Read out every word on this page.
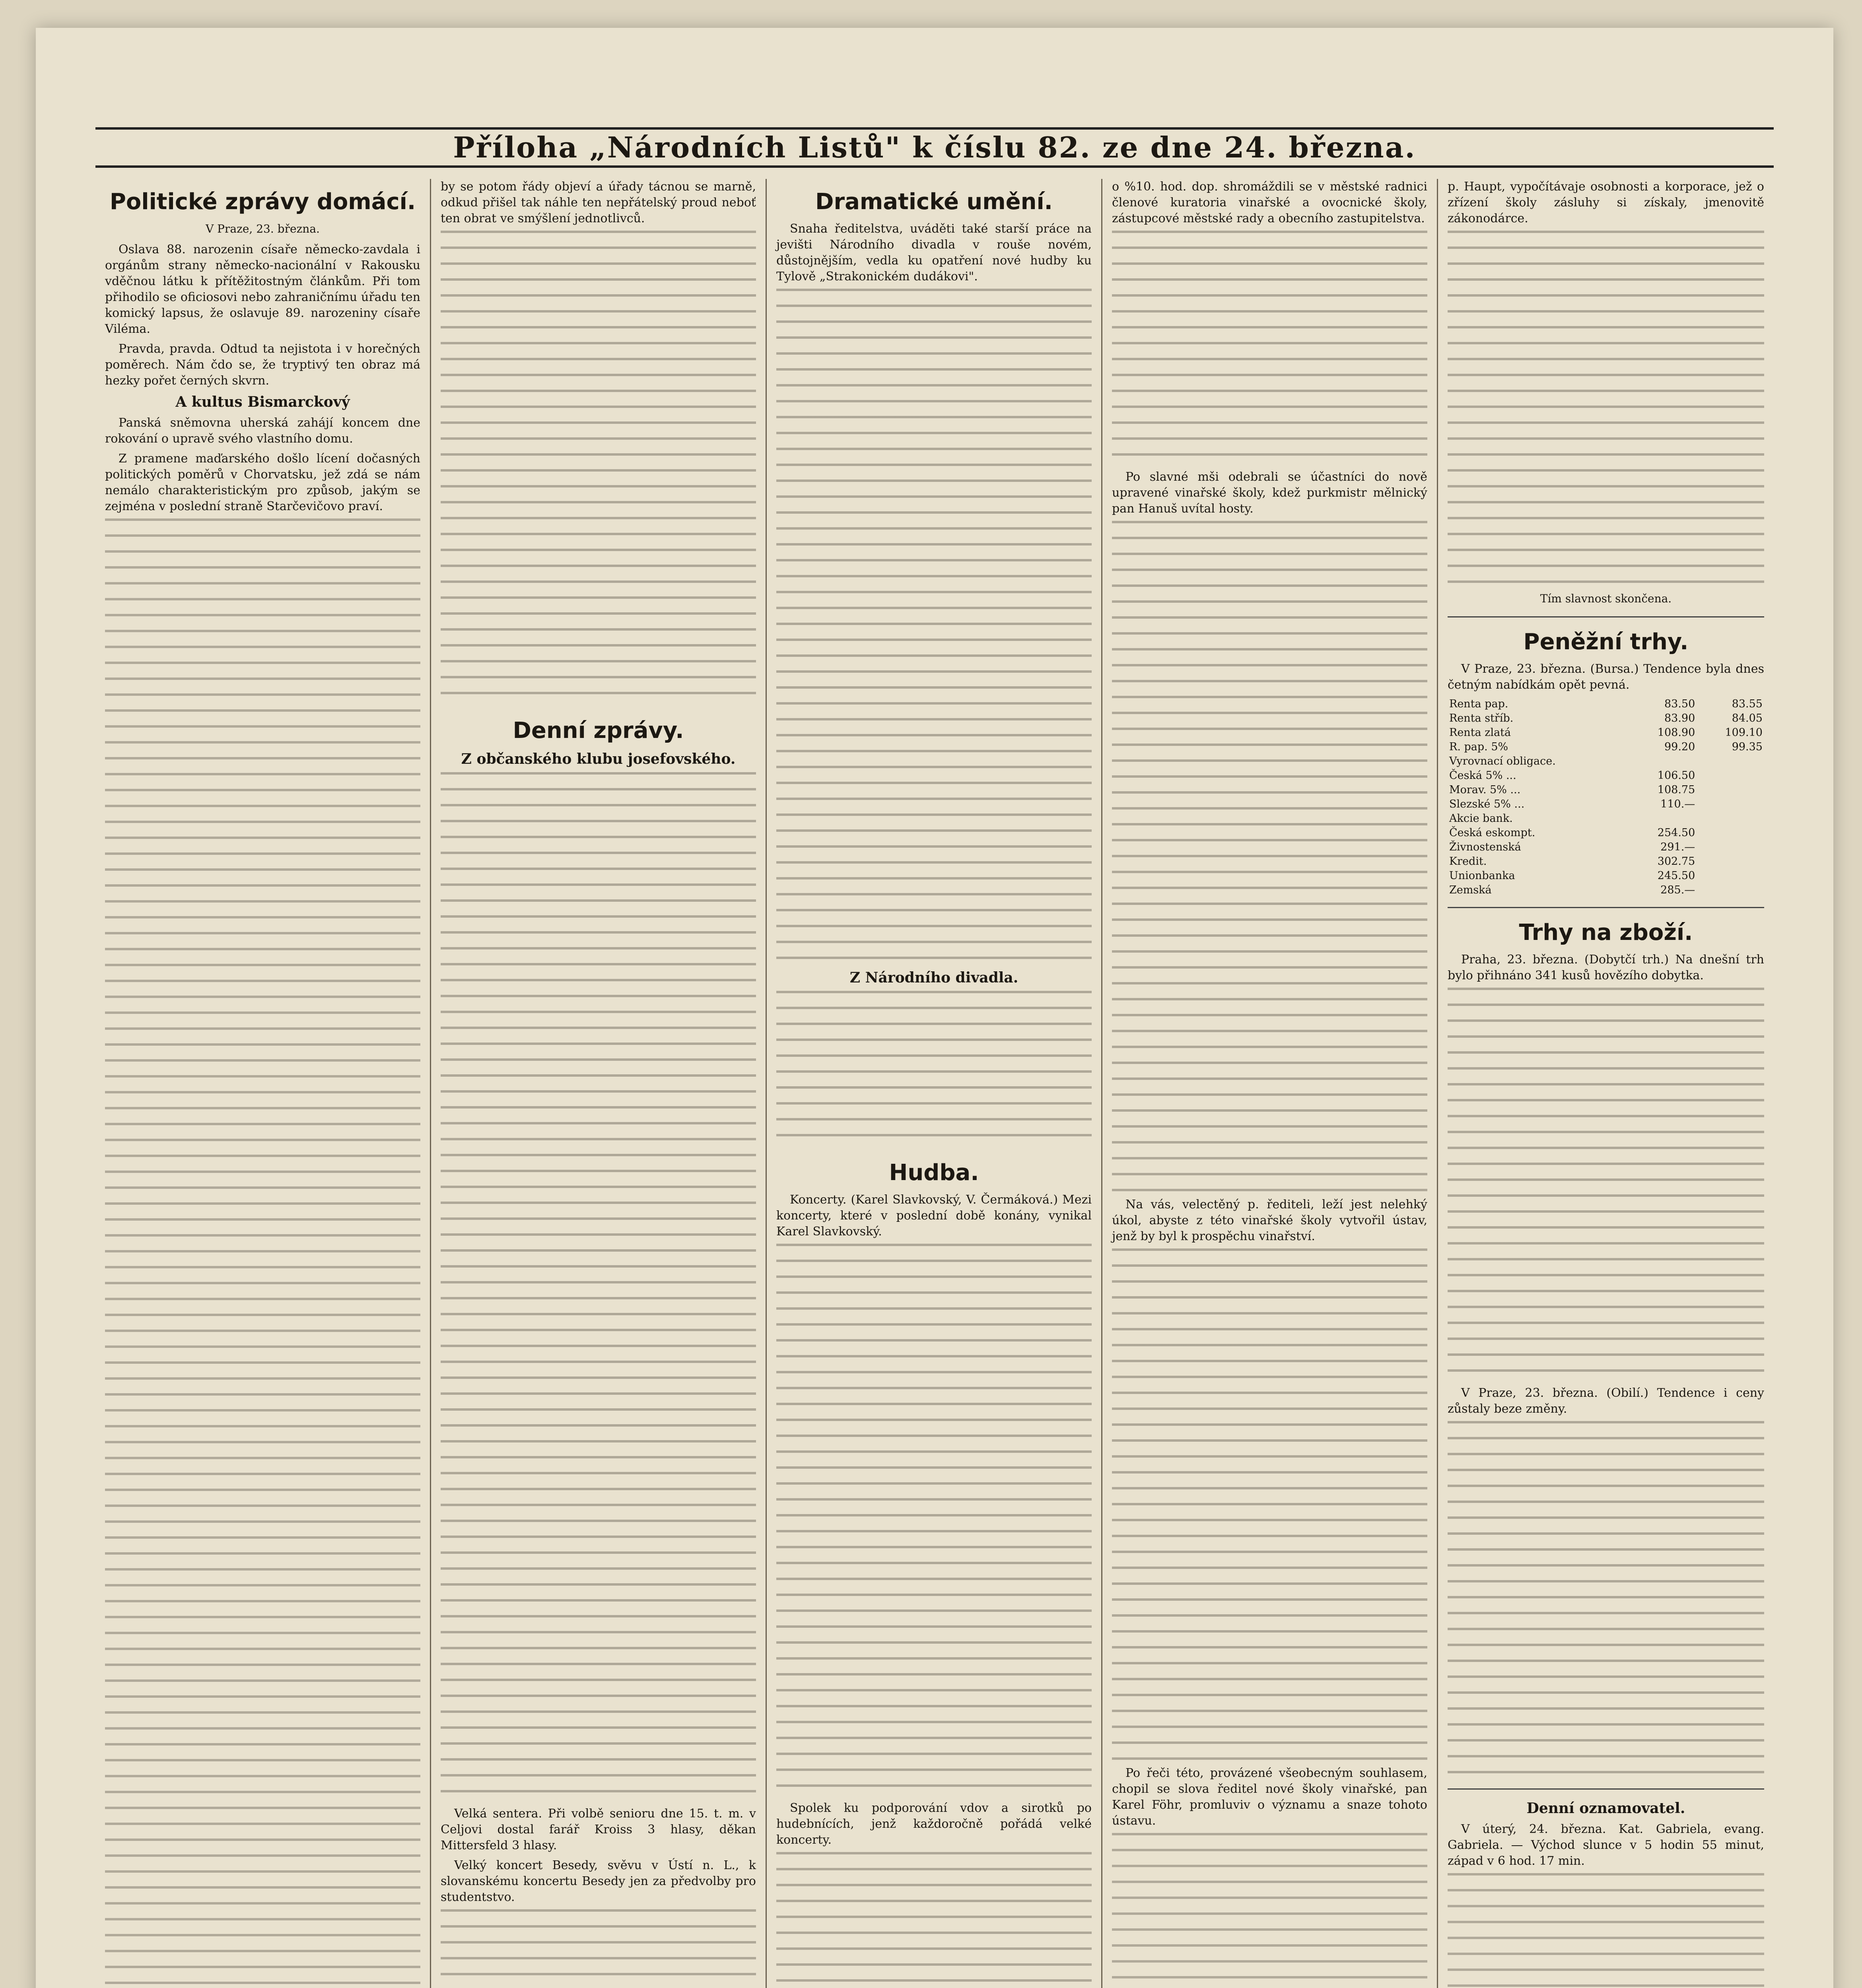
Příloha „Národních Listů" k číslu 82. ze dne 24. března.
Politické zprávy domácí.
V Praze, 23. března.

Oslava 88. narozenin císaře německo-zavdala i orgánům strany německo-nacionální v Rakousku vděčnou látku k přítěžitostným článkům. Při tom přihodilo se oficiosovi nebo zahraničnímu úřadu ten komický lapsus, že oslavuje 89. narozeniny císaře Viléma.

Pravda, pravda. Odtud ta nejistota i v horečných poměrech. Nám čdo se, že tryptivý ten obraz má hezky pořet černých skvrn.

A kultus Bismarckový

Panská sněmovna uherská zahájí koncem dne rokování o upravě svého vlastního domu.

Z pramene maďarského došlo lícení dočasných politických poměrů v Chorvatsku, jež zdá se nám nemálo charakteristickým pro způsob, jakým se zejména v poslední straně Starčevičovo praví.

by se potom řády objeví a úřady tácnou se marně, odkud přišel tak náhle ten nepřátelský proud neboť ten obrat ve smýšlení jednotlivců.

Denní zprávy.
Z občanského klubu josefovského.

Velká sentera. Při volbě senioru dne 15. t. m. v Celjovi dostal farář Kroiss 3 hlasy, děkan Mittersfeld 3 hlasy.

Velký koncert Besedy, svěvu v Ústí n. L., k slovanskému koncertu Besedy jen za předvolby pro studentstvo.

Dramatické umění.

Snaha ředitelstva, uváděti také starší práce na jevišti Národního divadla v rouše novém, důstojnějším, vedla ku opatření nové hudby ku Tylově „Strakonickém dudákovi".

Z Národního divadla.
Hudba.

Koncerty. (Karel Slavkovský, V. Čermáková.) Mezi koncerty, které v poslední době konány, vynikal Karel Slavkovský.

Spolek ku podporování vdov a sirotků po hudebnících, jenž každoročně pořádá velké koncerty.

o %10. hod. dop. shromáždili se v městské radnici členové kuratoria vinařské a ovocnické školy, zástupcové městské rady a obecního zastupitelstva.

Po slavné mši odebrali se účastníci do nově upravené vinařské školy, kdež purkmistr mělnický pan Hanuš uvítal hosty.

Na vás, velectěný p. řediteli, leží jest nelehký úkol, abyste z této vinařské školy vytvořil ústav, jenž by byl k prospěchu vinařství.

Po řeči této, provázené všeobecným souhlasem, chopil se slova ředitel nové školy vinařské, pan Karel Föhr, promluviv o významu a snaze tohoto ústavu.

p. Haupt, vypočítávaje osobnosti a korporace, jež o zřízení školy zásluhy si získaly, jmenovitě zákonodárce.

Tím slavnost skončena.
Peněžní trhy.

V Praze, 23. března. (Bursa.) Tendence byla dnes četným nabídkám opět pevná.

Renta pap.	83.50	83.55
Renta stříb.	83.90	84.05
Renta zlatá	108.90	109.10
R. pap. 5%	99.20	99.35
Vyrovnací obligace.		
Česká 5% ...	106.50	
Morav. 5% ...	108.75	
Slezské 5% ...	110.—	
Akcie bank.		
Česká eskompt.	254.50	
Živnostenská	291.—	
Kredit.	302.75	
Unionbanka	245.50	
Zemská	285.—	
Trhy na zboží.

Praha, 23. března. (Dobytčí trh.) Na dnešní trh bylo přihnáno 341 kusů hovězího dobytka.

V Praze, 23. března. (Obilí.) Tendence i ceny zůstaly beze změny.

Denní oznamovatel.

V úterý, 24. března. Kat. Gabriela, evang. Gabriela. — Východ slunce v 5 hodin 55 minut, západ v 6 hod. 17 min.
